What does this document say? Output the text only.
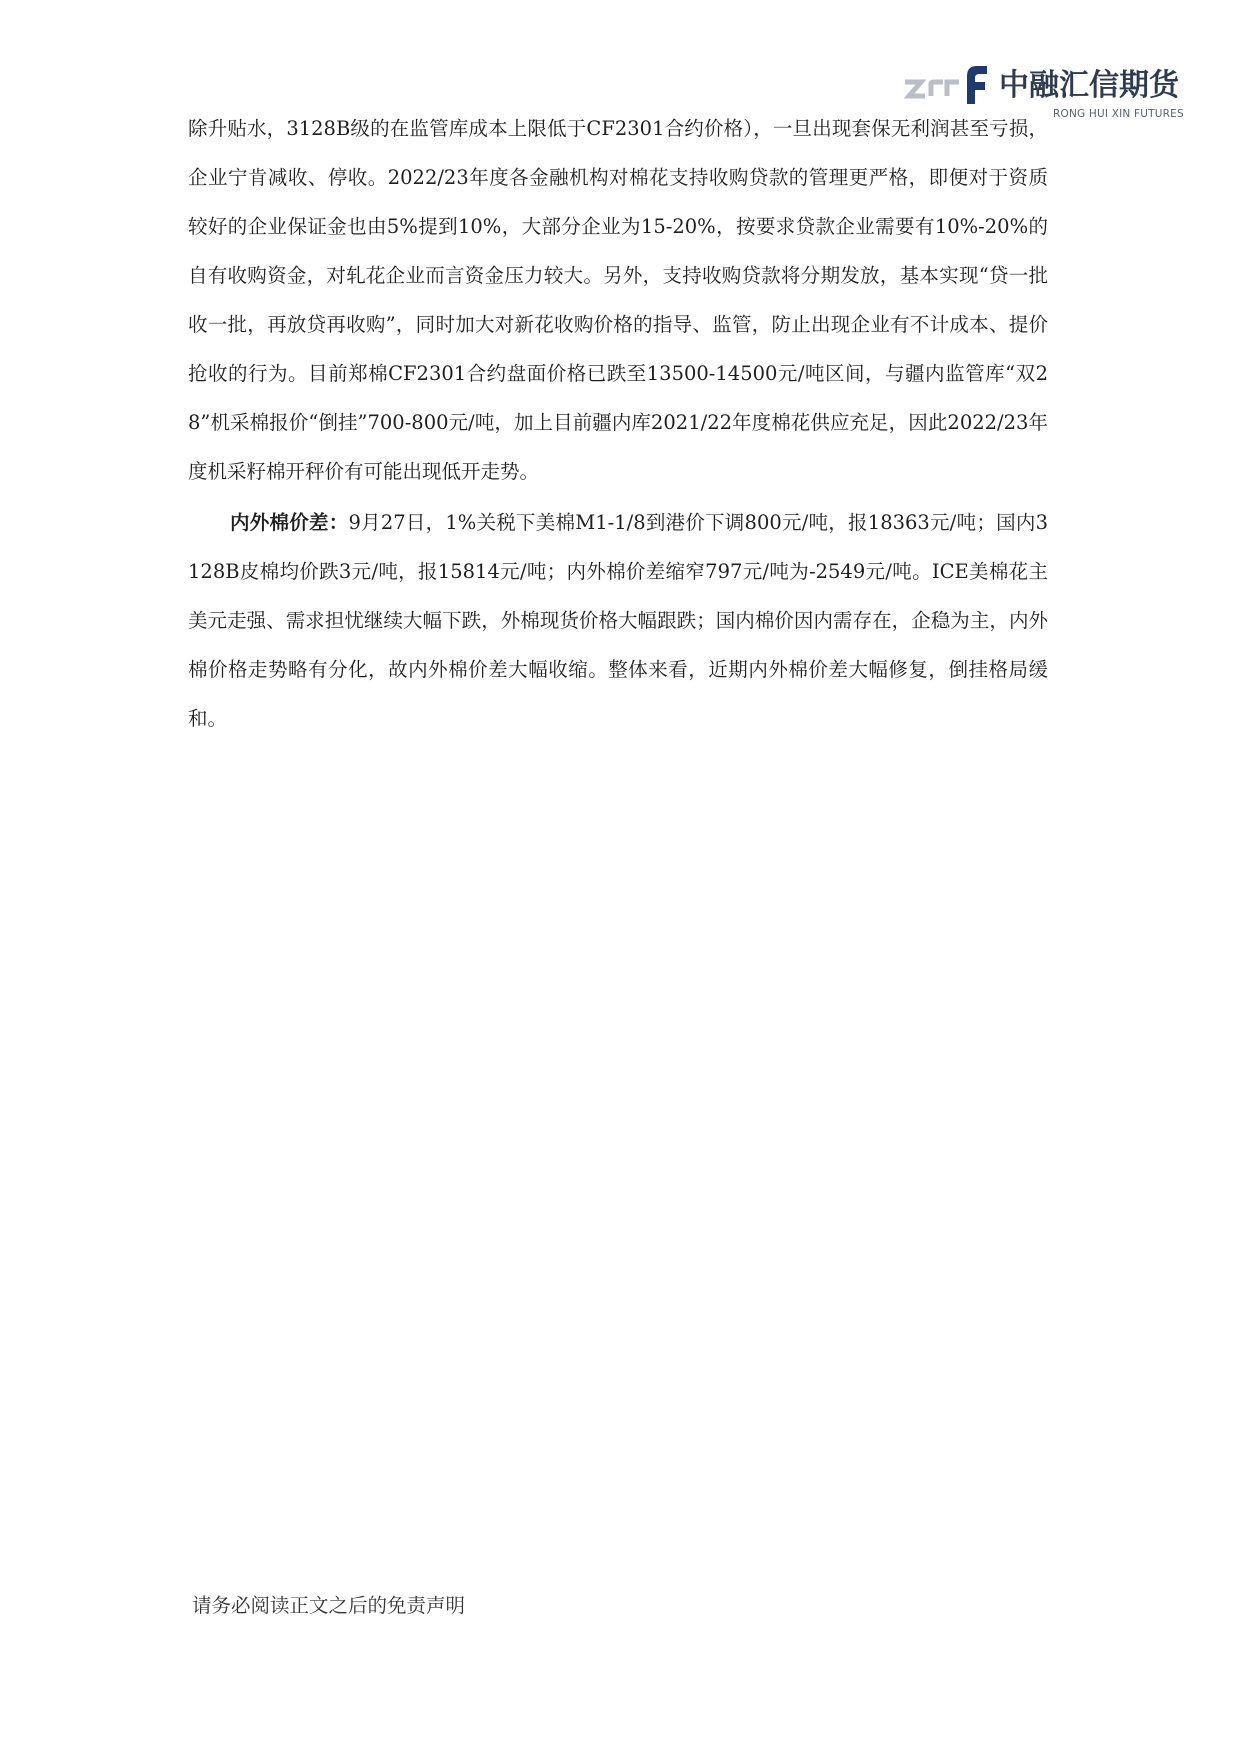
中融汇信期货
RONG HUI XIN FUTURES

除升贴水，3128B级的在监管库成本上限低于CF2301合约价格），一旦出现套保无利润甚至亏损，企业宁肯减收、停收。2022/23年度各金融机构对棉花支持收购贷款的管理更严格，即便对于资质较好的企业保证金也由5%提到10%，大部分企业为15-20%，按要求贷款企业需要有10%-20%的自有收购资金，对轧花企业而言资金压力较大。另外，支持收购贷款将分期发放，基本实现“贷一批收一批，再放贷再收购”，同时加大对新花收购价格的指导、监管，防止出现企业有不计成本、提价抢收的行为。目前郑棉CF2301合约盘面价格已跌至13500-14500元/吨区间，与疆内监管库“双28”机采棉报价“倒挂”700-800元/吨，加上目前疆内库2021/22年度棉花供应充足，因此2022/23年度机采籽棉开秤价有可能出现低开走势。

内外棉价差：9月27日，1%关税下美棉M1-1/8到港价下调800元/吨，报18363元/吨；国内3128B皮棉均价跌3元/吨，报15814元/吨；内外棉价差缩窄797元/吨为-2549元/吨。ICE美棉花主美元走强、需求担忧继续大幅下跌，外棉现货价格大幅跟跌；国内棉价因内需存在，企稳为主，内外棉价格走势略有分化，故内外棉价差大幅收缩。整体来看，近期内外棉价差大幅修复，倒挂格局缓和。

请务必阅读正文之后的免责声明
